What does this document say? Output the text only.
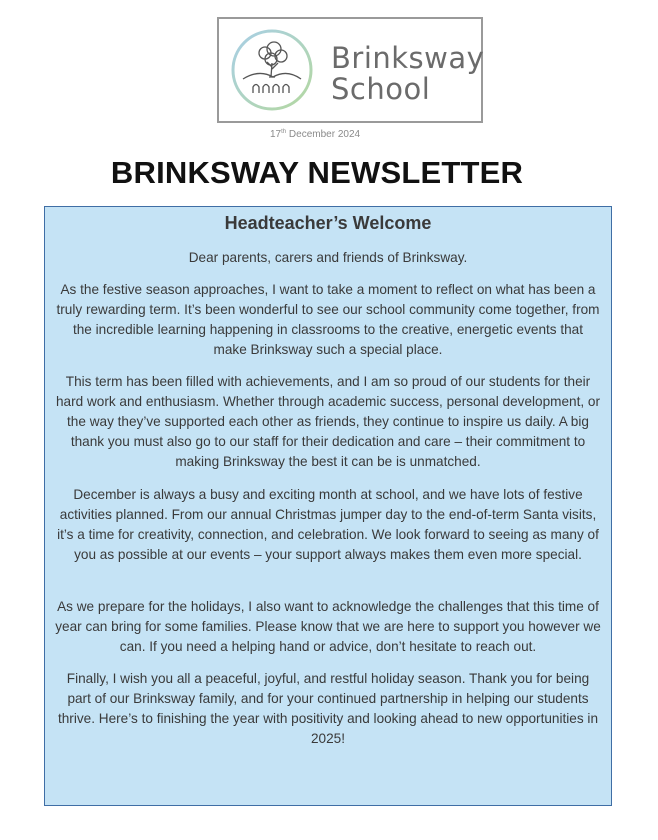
Brinksway
School
17th December 2024
BRINKSWAY NEWSLETTER
Headteacher’s Welcome
Dear parents, carers and friends of Brinksway.
As the festive season approaches, I want to take a moment to reflect on what has been a truly rewarding term. It’s been wonderful to see our school community come together, from the incredible learning happening in classrooms to the creative, energetic events that make Brinksway such a special place.
This term has been filled with achievements, and I am so proud of our students for their hard work and enthusiasm. Whether through academic success, personal development, or the way they’ve supported each other as friends, they continue to inspire us daily. A big thank you must also go to our staff for their dedication and care – their commitment to making Brinksway the best it can be is unmatched.
December is always a busy and exciting month at school, and we have lots of festive activities planned. From our annual Christmas jumper day to the end-of-term Santa visits, it’s a time for creativity, connection, and celebration. We look forward to seeing as many of you as possible at our events – your support always makes them even more special.
As we prepare for the holidays, I also want to acknowledge the challenges that this time of year can bring for some families. Please know that we are here to support you however we can. If you need a helping hand or advice, don’t hesitate to reach out.
Finally, I wish you all a peaceful, joyful, and restful holiday season. Thank you for being part of our Brinksway family, and for your continued partnership in helping our students thrive. Here’s to finishing the year with positivity and looking ahead to new opportunities in 2025!
